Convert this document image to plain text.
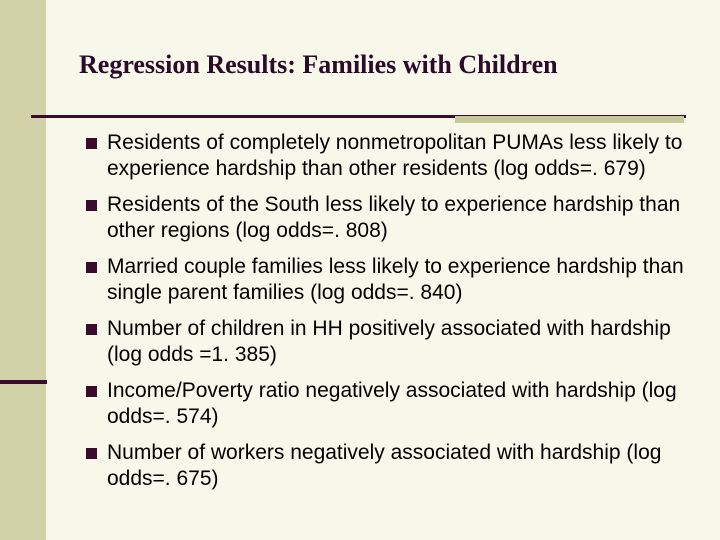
Regression Results: Families with Children
Residents of completely nonmetropolitan PUMAs less likely to experience hardship than other residents (log odds=. 679)
Residents of the South less likely to experience hardship than other regions (log odds=. 808)
Married couple families less likely to experience hardship than single parent families (log odds=. 840)
Number of children in HH positively associated with hardship (log odds =1. 385)
Income/Poverty ratio negatively associated with hardship (log odds=. 574)
Number of workers negatively associated with hardship (log odds=. 675)
